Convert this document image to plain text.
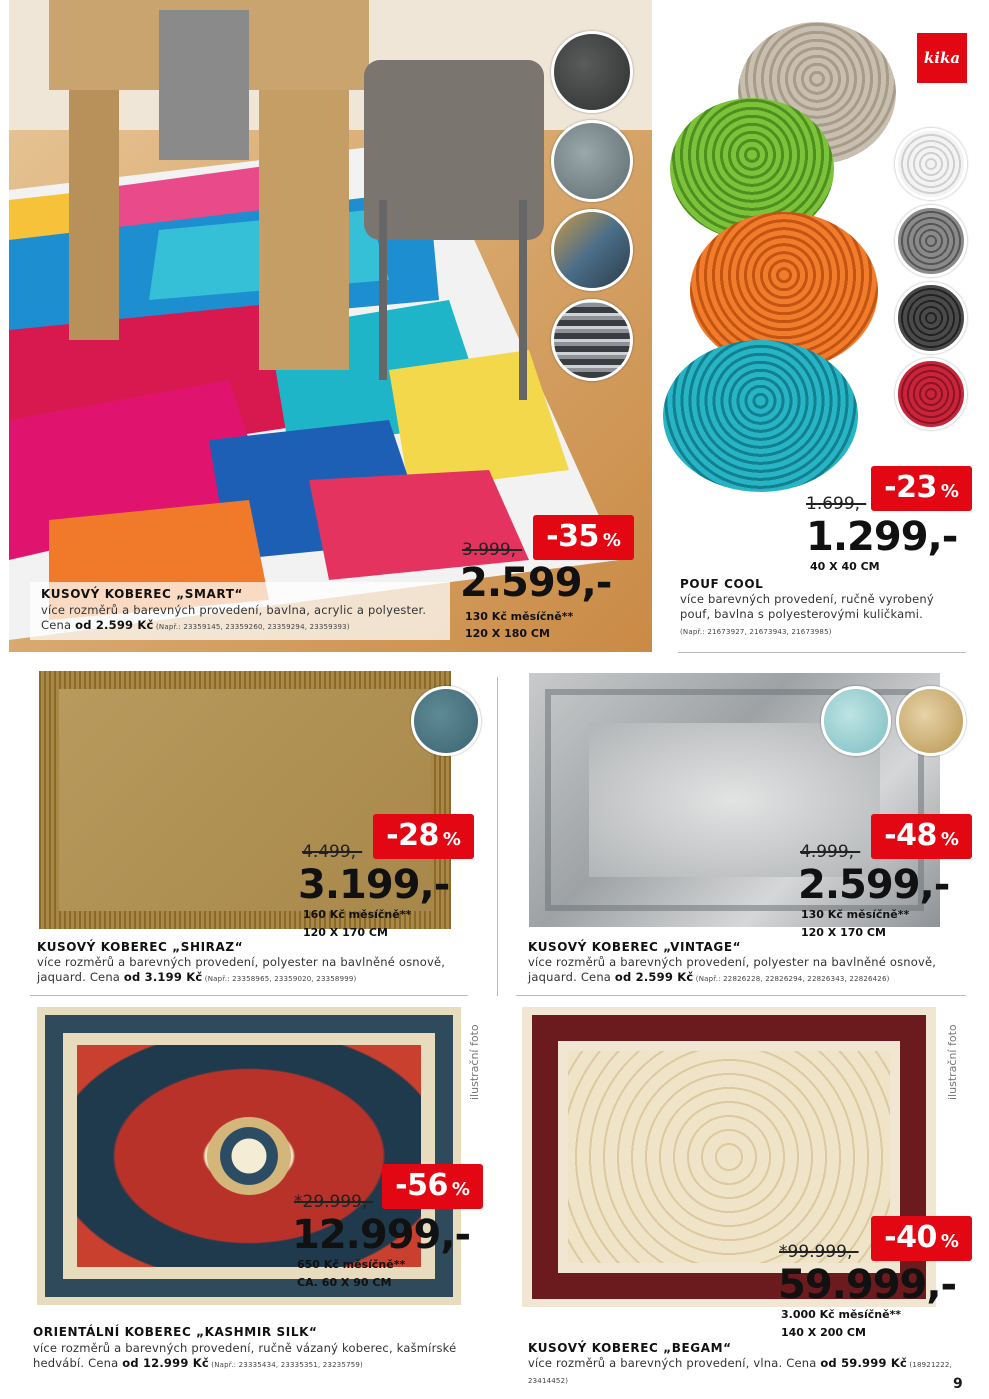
-35 %
3.999,-
2.599,-
130 Kč měsíčně**
120 X 180 CM
KUSOVÝ KOBEREC „SMART“
více rozměrů a barevných provedení, bavlna, acrylic a polyester.
Cena od 2.599 Kč (Např.: 23359145, 23359260, 23359294, 23359393)
kika
-23 %
1.699,-
1.299,-
40 X 40 CM
POUF COOL
více barevných provedení, ručně vyrobený
pouf, bavlna s polyesterovými kuličkami.
(Např.: 21673927, 21673943, 21673985)
-28 %
4.499,-
3.199,-
160 Kč měsíčně**
120 X 170 CM
KUSOVÝ KOBEREC „SHIRAZ“
více rozměrů a barevných provedení, polyester na bavlněné osnově,
jaquard. Cena od 3.199 Kč (Např.: 23358965, 23359020, 23358999)
-48 %
4.999,-
2.599,-
130 Kč měsíčně**
120 X 170 CM
KUSOVÝ KOBEREC „VINTAGE“
více rozměrů a barevných provedení, polyester na bavlněné osnově,
jaquard. Cena od 2.599 Kč (Např.: 22826228, 22826294, 22826343, 22826426)
ilustrační foto
-56 %
*29.999,-
12.999,-
650 Kč měsíčně**
CA. 60 X 90 CM
ORIENTÁLNÍ KOBEREC „KASHMIR SILK“
více rozměrů a barevných provedení, ručně vázaný koberec, kašmírské
hedvábí. Cena od 12.999 Kč (Např.: 23335434, 23335351, 23235759)
ilustrační foto
-40 %
*99.999,-
59.999,-
3.000 Kč měsíčně**
140 X 200 CM
KUSOVÝ KOBEREC „BEGAM“
více rozměrů a barevných provedení, vlna. Cena od 59.999 Kč (18921222, 23414452)	9
